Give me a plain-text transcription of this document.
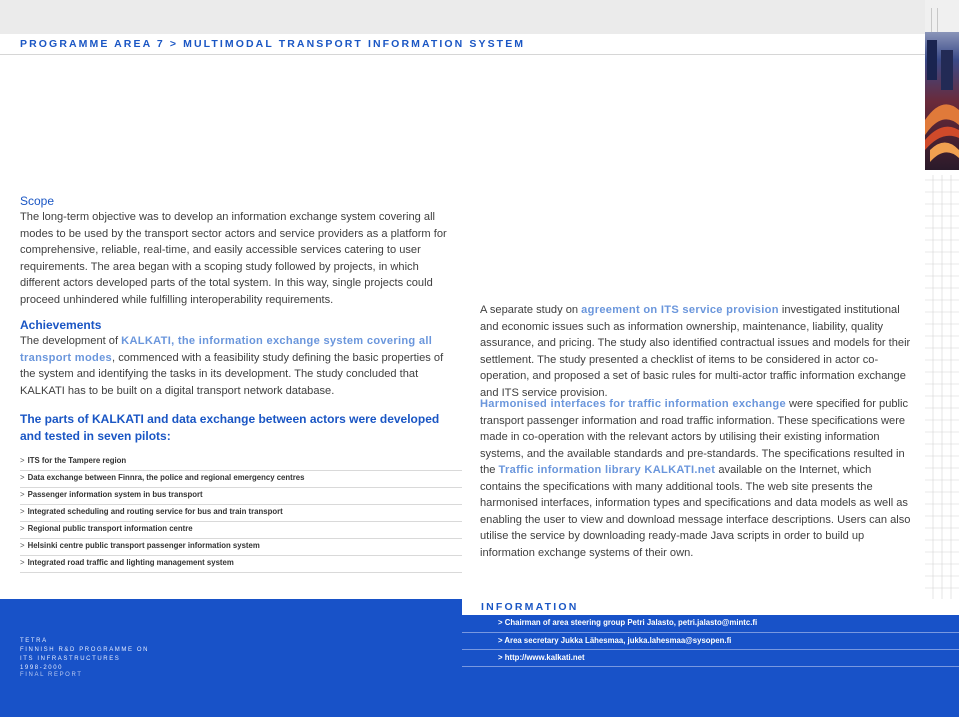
PROGRAMME AREA 7 > MULTIMODAL TRANSPORT INFORMATION SYSTEM
Scope

The long-term objective was to develop an information exchange system covering all modes to be used by the transport sector actors and service providers as a platform for comprehensive, reliable, real-time, and easily accessible services catering to user requirements. The area began with a scoping study followed by projects, in which different actors developed parts of the total system. In this way, single projects could proceed unhindered while fulfilling interoperability requirements.

Achievements

The development of KALKATI, the information exchange system covering all transport modes, commenced with a feasibility study defining the basic properties of the system and identifying the tasks in its development. The study concluded that KALKATI has to be built on a digital transport network database.

The parts of KALKATI and data exchange between actors were developed and tested in seven pilots:

> ITS for the Tampere region
> Data exchange between Finnra, the police and regional emergency centres
> Passenger information system in bus transport
> Integrated scheduling and routing service for bus and train transport
> Regional public transport information centre
> Helsinki centre public transport passenger information system
> Integrated road traffic and lighting management system

A separate study on agreement on ITS service provision investigated institutional and economic issues such as information ownership, maintenance, liability, quality assurance, and pricing. The study also identified contractual issues and models for their settlement. The study presented a checklist of items to be considered in actor co-operation, and proposed a set of basic rules for multi-actor traffic information exchange and ITS service provision.

Harmonised interfaces for traffic information exchange were specified for public transport passenger information and road traffic information. These specifications were made in co-operation with the relevant actors by utilising their existing information systems, and the available standards and pre-standards. The specifications resulted in the Traffic information library KALKATI.net available on the Internet, which contains the specifications with many additional tools. The web site presents the harmonised interfaces, information types and specifications and data models as well as enabling the user to view and download message interface descriptions. Users can also utilise the service by downloading ready-made Java scripts in order to build up information exchange systems of their own.

INFORMATION
TETRA
FINNISH R&D PROGRAMME ON
ITS INFRASTRUCTURES
1998-2000
FINAL REPORT
> Chairman of area steering group Petri Jalasto, petri.jalasto@mintc.fi
> Area secretary Jukka Lähesmaa, jukka.lahesmaa@sysopen.fi
> http://www.kalkati.net
